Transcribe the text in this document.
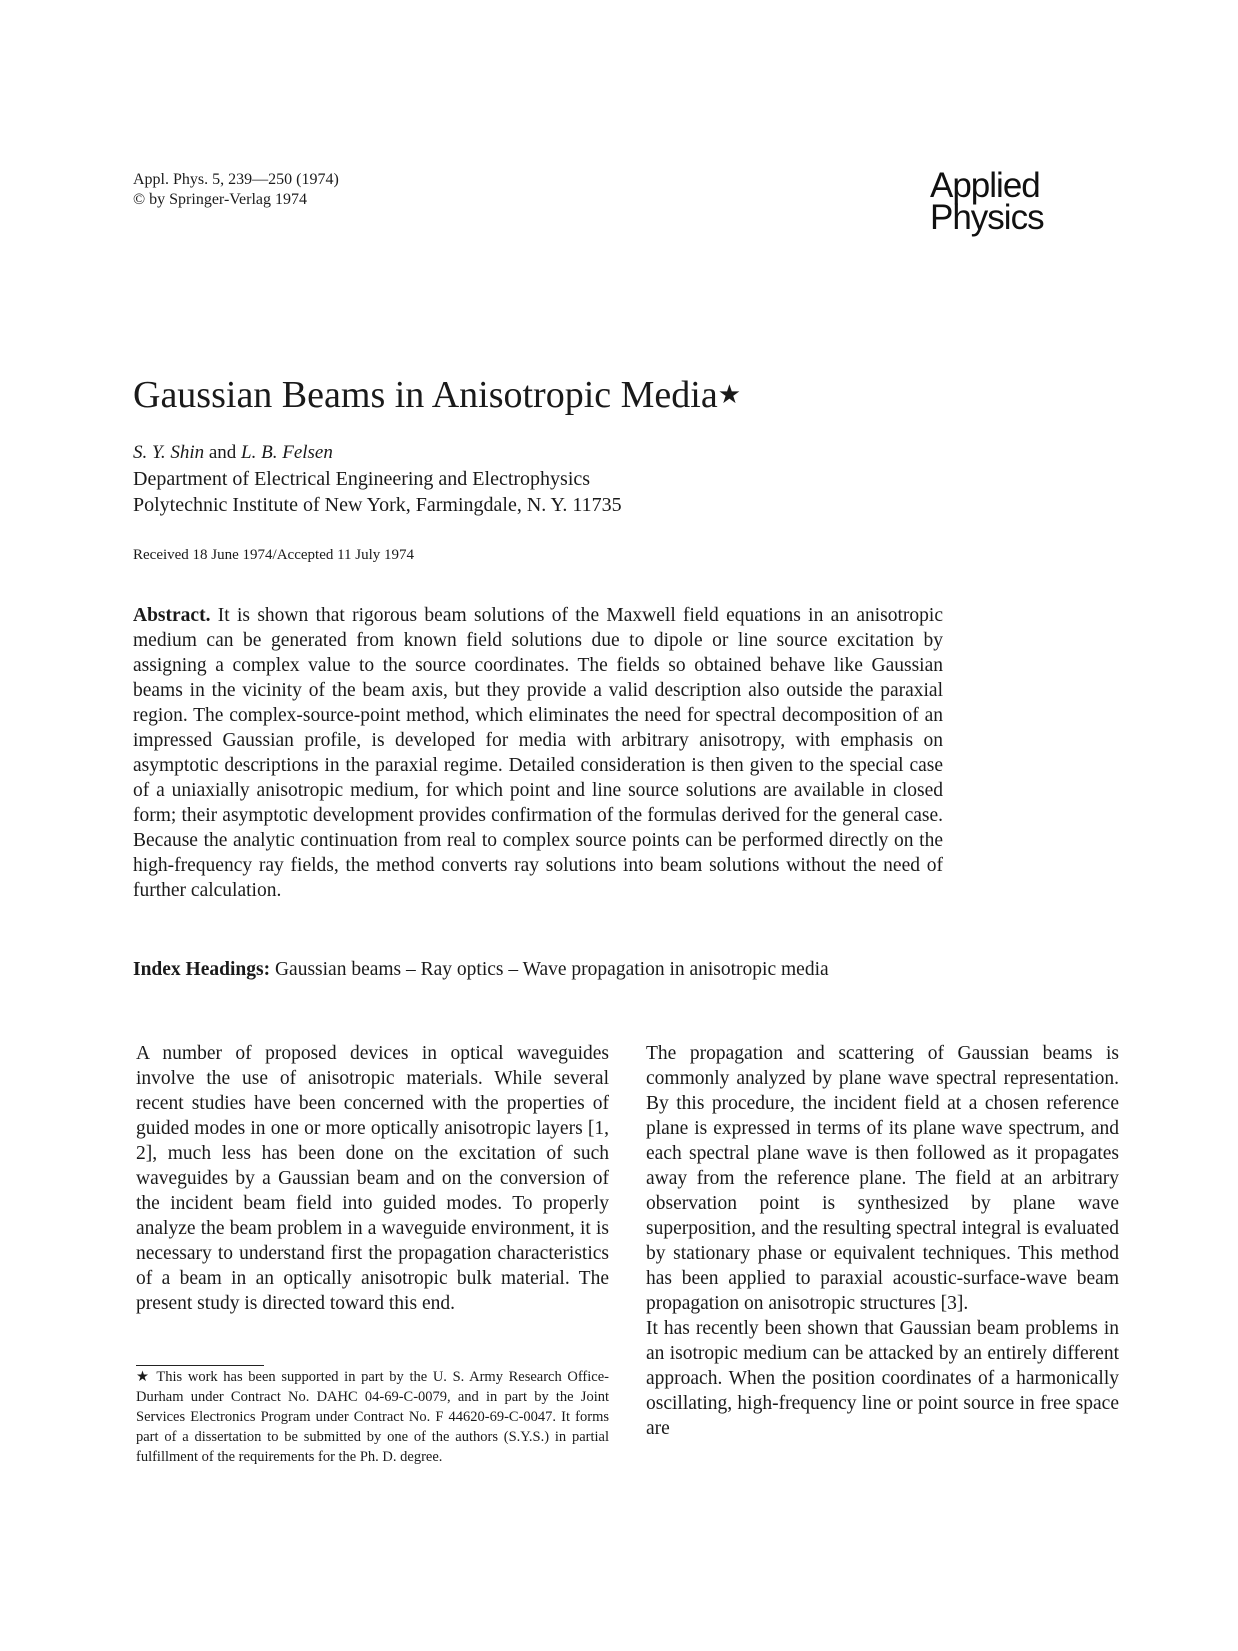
Appl. Phys. 5, 239—250 (1974)
© by Springer-Verlag 1974	Applied
Physics
Gaussian Beams in Anisotropic Media★
S. Y. Shin and L. B. Felsen
Department of Electrical Engineering and Electrophysics
Polytechnic Institute of New York, Farmingdale, N. Y. 11735
Received 18 June 1974/Accepted 11 July 1974

Abstract. It is shown that rigorous beam solutions of the Maxwell field equations in an anisotropic medium can be generated from known field solutions due to dipole or line source excitation by assigning a complex value to the source coordinates. The fields so obtained behave like Gaussian beams in the vicinity of the beam axis, but they provide a valid description also outside the paraxial region. The complex-source-point method, which eliminates the need for spectral decomposition of an impressed Gaussian profile, is developed for media with arbitrary anisotropy, with emphasis on asymptotic descriptions in the paraxial regime. Detailed consideration is then given to the special case of a uniaxially anisotropic medium, for which point and line source solutions are available in closed form; their asymptotic development provides confirmation of the formulas derived for the general case. Because the analytic continuation from real to complex source points can be performed directly on the high-frequency ray fields, the method converts ray solutions into beam solutions without the need of further calculation.

Index Headings: Gaussian beams – Ray optics – Wave propagation in anisotropic media

A number of proposed devices in optical waveguides involve the use of anisotropic materials. While several recent studies have been concerned with the properties of guided modes in one or more optically anisotropic layers [1, 2], much less has been done on the excitation of such waveguides by a Gaussian beam and on the conversion of the incident beam field into guided modes. To properly analyze the beam problem in a waveguide environment, it is necessary to understand first the propagation characteristics of a beam in an optically anisotropic bulk material. The present study is directed toward this end.

The propagation and scattering of Gaussian beams is commonly analyzed by plane wave spectral representation. By this procedure, the incident field at a chosen reference plane is expressed in terms of its plane wave spectrum, and each spectral plane wave is then followed as it propagates away from the reference plane. The field at an arbitrary observation point is synthesized by plane wave superposition, and the resulting spectral integral is evaluated by stationary phase or equivalent techniques. This method has been applied to paraxial acoustic-surface-wave beam propagation on anisotropic structures [3].

It has recently been shown that Gaussian beam problems in an isotropic medium can be attacked by an entirely different approach. When the position coordinates of a harmonically oscillating, high-frequency line or point source in free space are

★ This work has been supported in part by the U. S. Army Research Office-Durham under Contract No. DAHC 04-69-C-0079, and in part by the Joint Services Electronics Program under Contract No. F 44620-69-C-0047. It forms part of a dissertation to be submitted by one of the authors (S.Y.S.) in partial fulfillment of the requirements for the Ph. D. degree.
